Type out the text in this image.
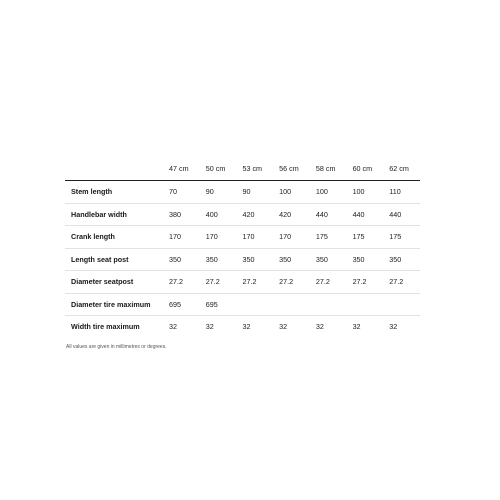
	47 cm	50 cm	53 cm	56 cm	58 cm	60 cm	62 cm
Stem length	70	90	90	100	100	100	110
Handlebar width	380	400	420	420	440	440	440
Crank length	170	170	170	170	175	175	175
Length seat post	350	350	350	350	350	350	350
Diameter seatpost	27.2	27.2	27.2	27.2	27.2	27.2	27.2
Diameter tire maximum	695	695					
Width tire maximum	32	32	32	32	32	32	32
All values are given in millimetres or degrees.
